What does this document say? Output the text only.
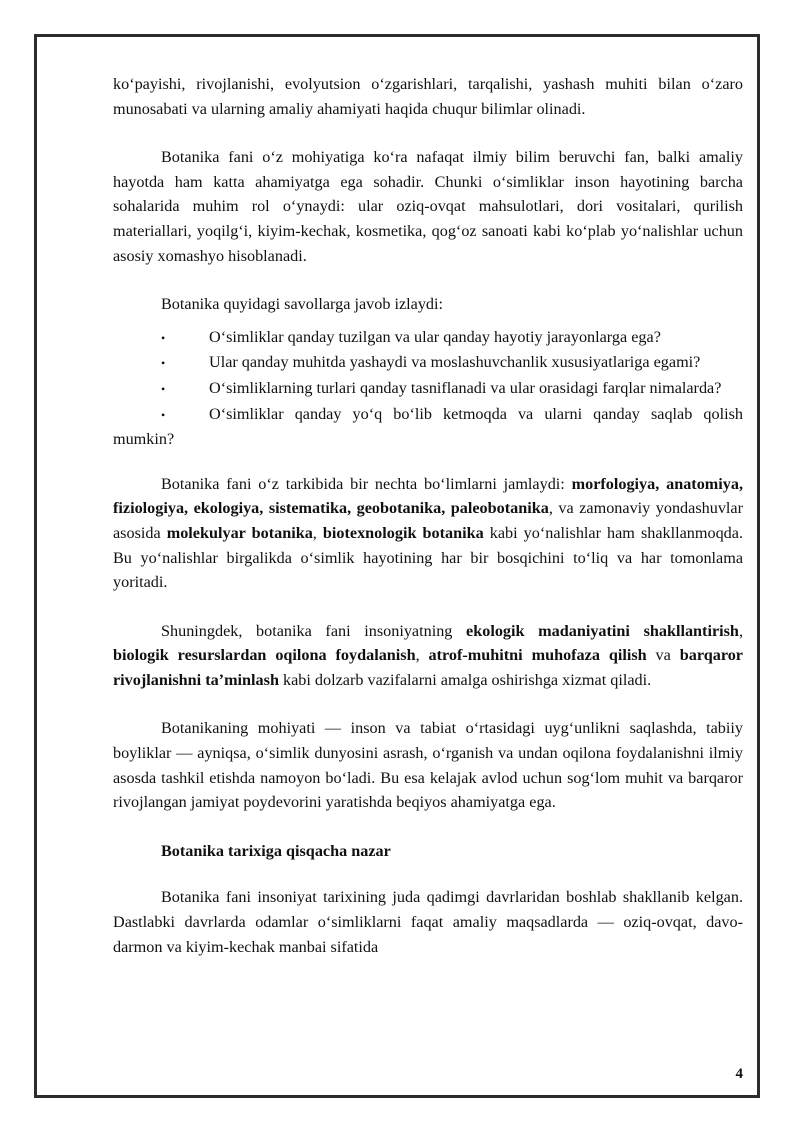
ko‘payishi, rivojlanishi, evolyutsion o‘zgarishlari, tarqalishi, yashash muhiti bilan o‘zaro munosabati va ularning amaliy ahamiyati haqida chuqur bilimlar olinadi.

Botanika fani o‘z mohiyatiga ko‘ra nafaqat ilmiy bilim beruvchi fan, balki amaliy hayotda ham katta ahamiyatga ega sohadir. Chunki o‘simliklar inson hayotining barcha sohalarida muhim rol o‘ynaydi: ular oziq-ovqat mahsulotlari, dori vositalari, qurilish materiallari, yoqilg‘i, kiyim-kechak, kosmetika, qog‘oz sanoati kabi ko‘plab yo‘nalishlar uchun asosiy xomashyo hisoblanadi.

Botanika quyidagi savollarga javob izlaydi:

•O‘simliklar qanday tuzilgan va ular qanday hayotiy jarayonlarga ega?
•Ular qanday muhitda yashaydi va moslashuvchanlik xususiyatlariga egami?
•O‘simliklarning turlari qanday tasniflanadi va ular orasidagi farqlar nimalarda?
•O‘simliklar qanday yo‘q bo‘lib ketmoqda va ularni qanday saqlab qolish mumkin?

Botanika fani o‘z tarkibida bir nechta bo‘limlarni jamlaydi: morfologiya, anatomiya, fiziologiya, ekologiya, sistematika, geobotanika, paleobotanika, va zamonaviy yondashuvlar asosida molekulyar botanika, biotexnologik botanika kabi yo‘nalishlar ham shakllanmoqda. Bu yo‘nalishlar birgalikda o‘simlik hayotining har bir bosqichini to‘liq va har tomonlama yoritadi.

Shuningdek, botanika fani insoniyatning ekologik madaniyatini shakllantirish, biologik resurslardan oqilona foydalanish, atrof-muhitni muhofaza qilish va barqaror rivojlanishni ta’minlash kabi dolzarb vazifalarni amalga oshirishga xizmat qiladi.

Botanikaning mohiyati — inson va tabiat o‘rtasidagi uyg‘unlikni saqlashda, tabiiy boyliklar — ayniqsa, o‘simlik dunyosini asrash, o‘rganish va undan oqilona foydalanishni ilmiy asosda tashkil etishda namoyon bo‘ladi. Bu esa kelajak avlod uchun sog‘lom muhit va barqaror rivojlangan jamiyat poydevorini yaratishda beqiyos ahamiyatga ega.

Botanika tarixiga qisqacha nazar

Botanika fani insoniyat tarixining juda qadimgi davrlaridan boshlab shakllanib kelgan. Dastlabki davrlarda odamlar o‘simliklarni faqat amaliy maqsadlarda — oziq-ovqat, davo-darmon va kiyim-kechak manbai sifatida

4
